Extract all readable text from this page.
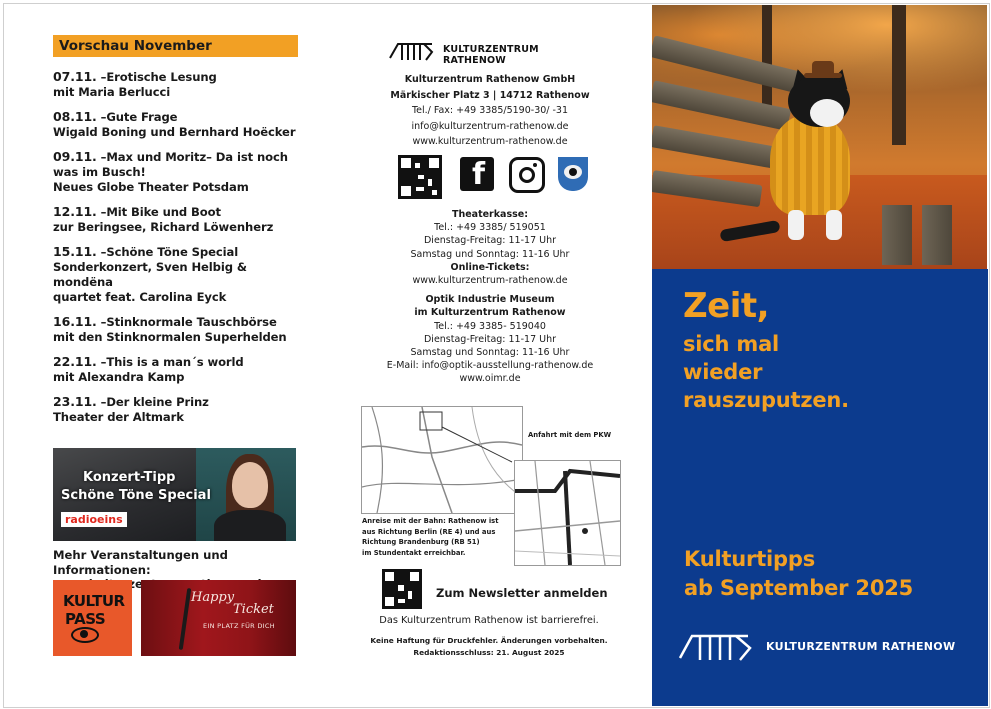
Vorschau November
07.11. –Erotische Lesung
mit Maria Berlucci
08.11. –Gute Frage
Wigald Boning und Bernhard Hoëcker
09.11. –Max und Moritz– Da ist noch
was im Busch!
Neues Globe Theater Potsdam
12.11. –Mit Bike und Boot
zur Beringsee, Richard Löwenherz
15.11. –Schöne Töne Special
Sonderkonzert, Sven Helbig & mondëna
quartet feat. Carolina Eyck
16.11. –Stinknormale Tauschbörse
mit den Stinknormalen Superhelden
22.11. –This is a man´s world
mit Alexandra Kamp
23.11. –Der kleine Prinz
Theater der Altmark
Konzert-Tipp
Schöne Töne Special
radioeins
Mehr Veranstaltungen und Informationen:
KULTUR
PASS
Happy
Ticket
EIN PLATZ FÜR DICH
KULTURZENTRUM RATHENOW
Kulturzentrum Rathenow GmbH
Märkischer Platz 3 | 14712 Rathenow
Tel./ Fax: +49 3385/5190-30/ -31
info@kulturzentrum-rathenow.de
www.kulturzentrum-rathenow.de
f
Theaterkasse:
Tel.: +49 3385/ 519051
Dienstag-Freitag: 11-17 Uhr
Samstag und Sonntag: 11-16 Uhr
Online-Tickets:
www.kulturzentrum-rathenow.de
Optik Industrie Museum
im Kulturzentrum Rathenow
Tel.: +49 3385- 519040
Dienstag-Freitag: 11-17 Uhr
Samstag und Sonntag: 11-16 Uhr
E-Mail: info@optik-ausstellung-rathenow.de
www.oimr.de
Anfahrt mit dem PKW
Anreise mit der Bahn: Rathenow ist
aus Richtung Berlin (RE 4) und aus
Richtung Brandenburg (RB 51)
im Stundentakt erreichbar.
Zum Newsletter anmelden
Das Kulturzentrum Rathenow ist barrierefrei.
Keine Haftung für Druckfehler. Änderungen vorbehalten.
Redaktionsschluss: 21. August 2025
Zeit,
sich mal
wieder
rauszuputzen.
Kulturtipps
ab September 2025
KULTURZENTRUM RATHENOW
